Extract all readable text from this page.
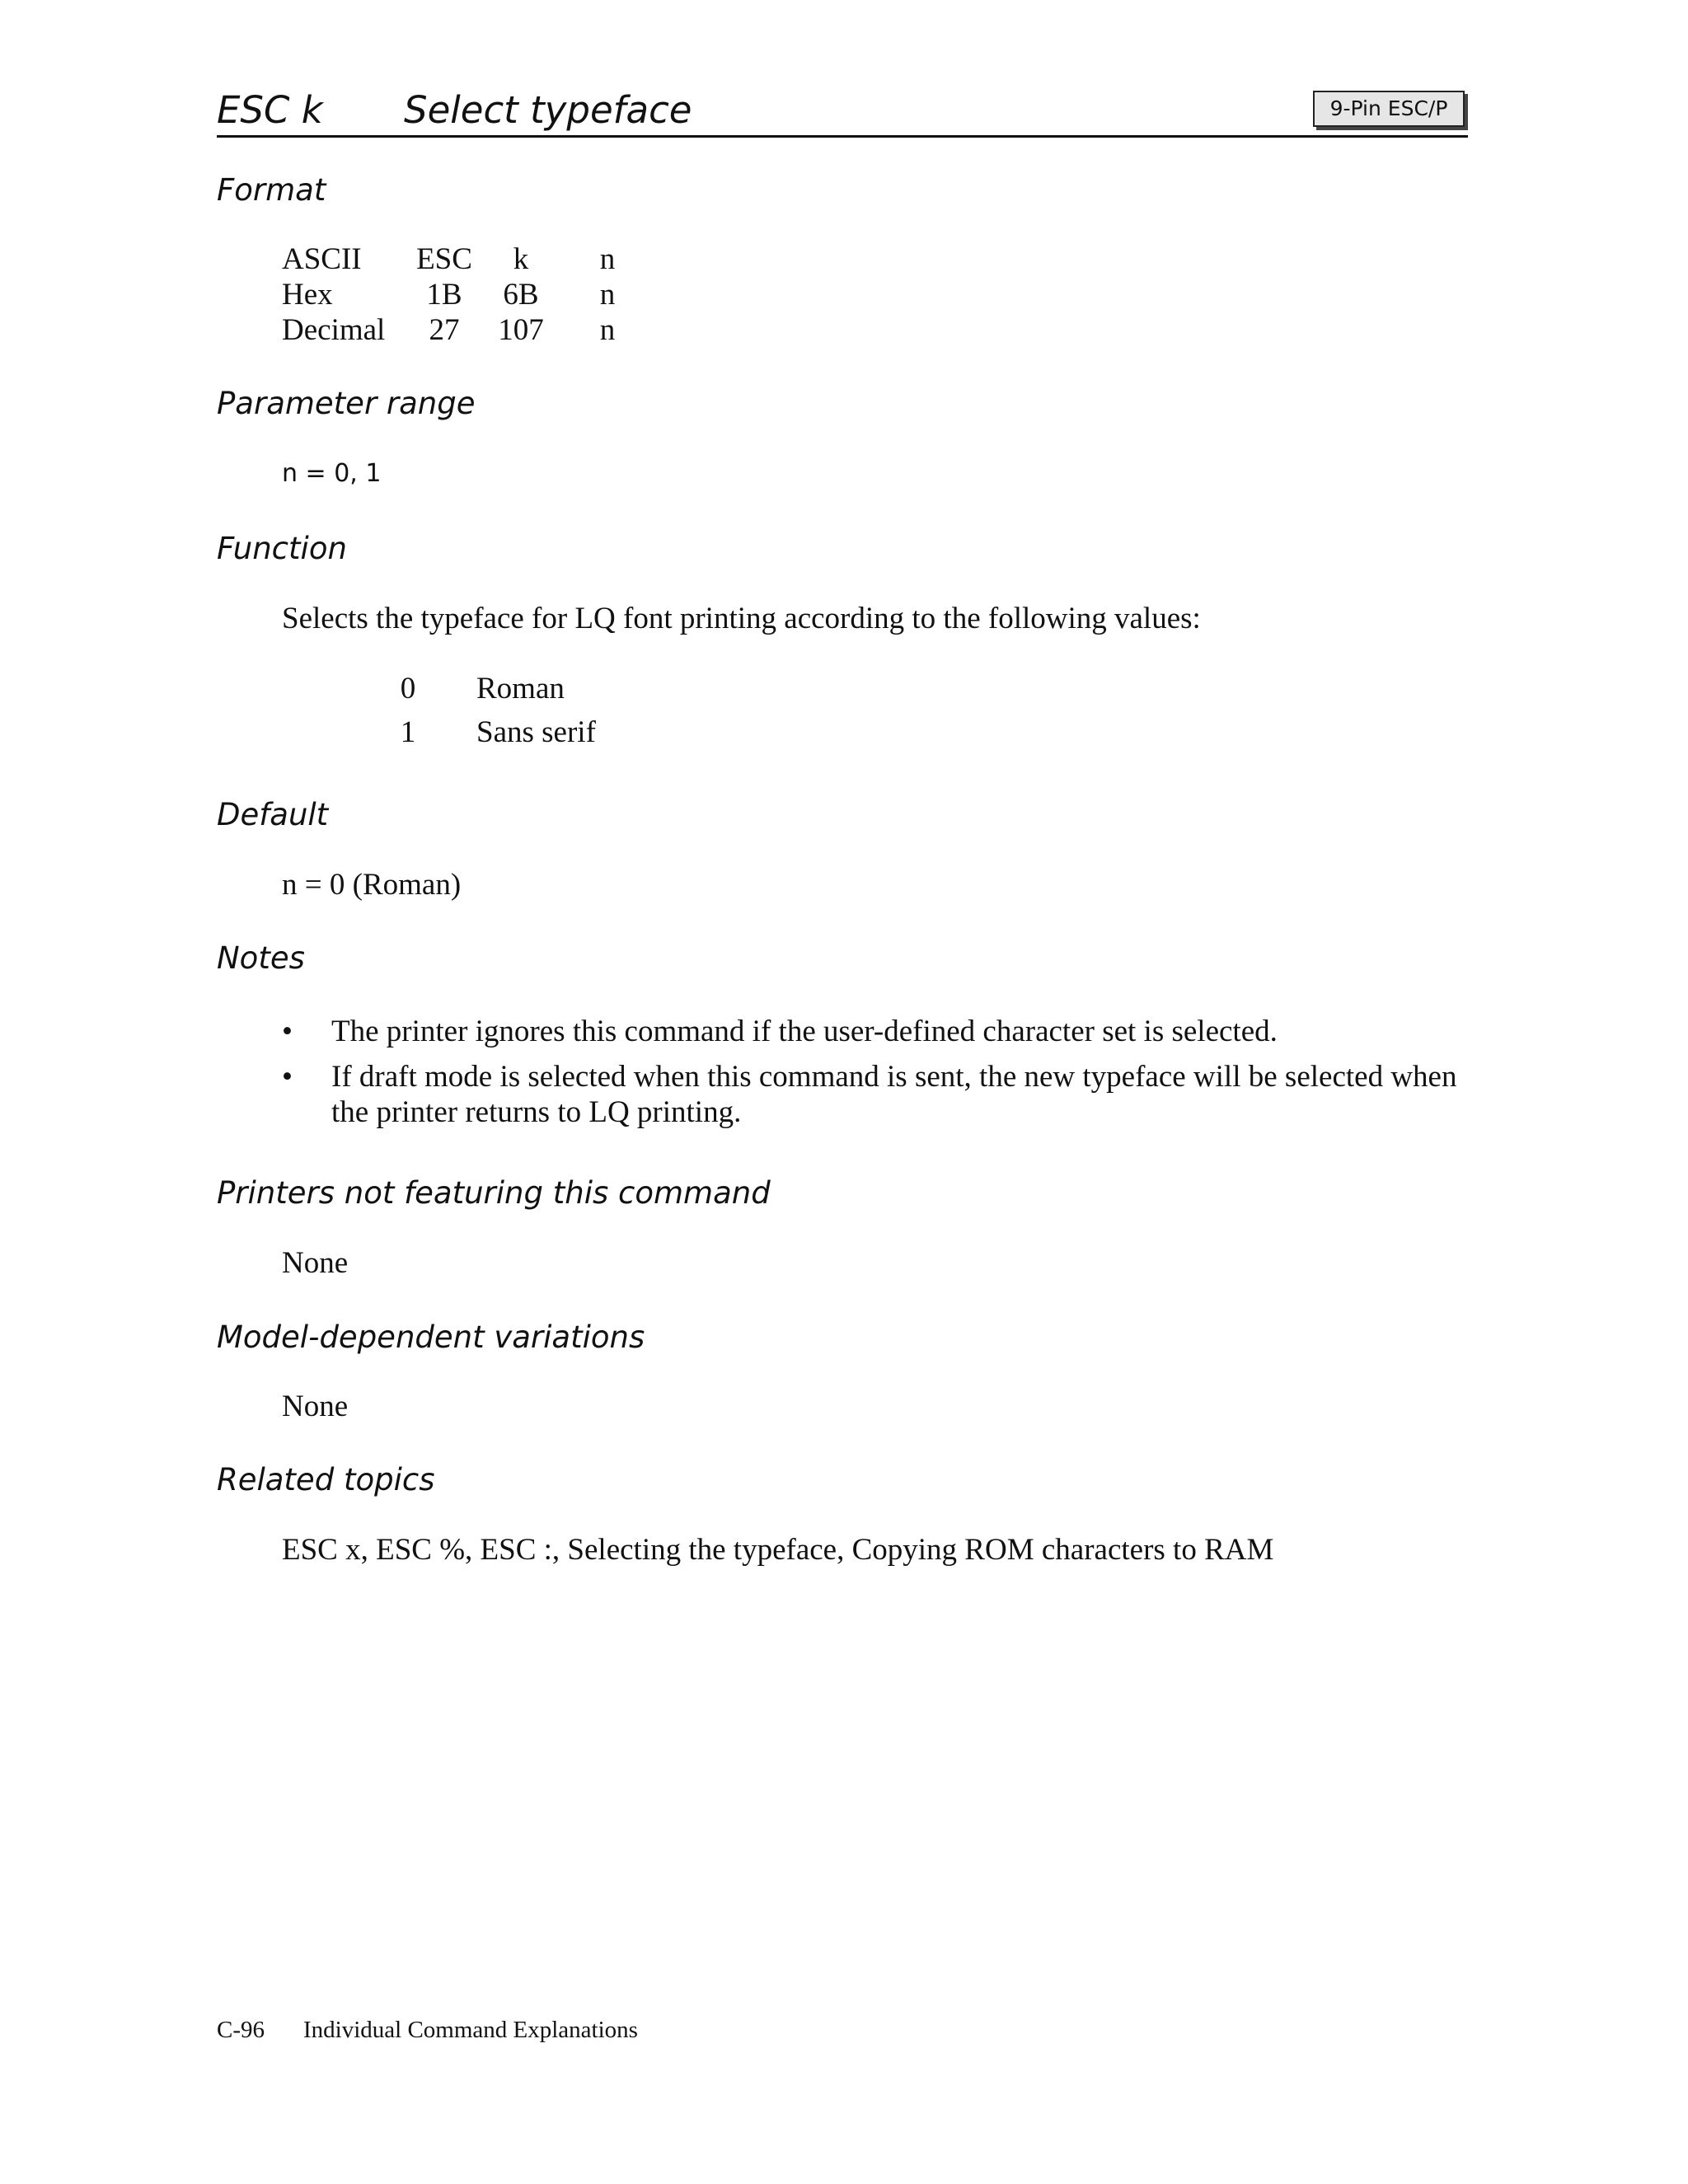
ESC k Select typeface	9-Pin ESC/P
Format
ASCII ESC	k	n
Hex	1B	6B	n
Decimal	27	107	n
Parameter range
n = 0, 1
Function
Selects the typeface for LQ font printing according to the following values:
0 Roman
1 Sans serif
Default
n = 0 (Roman)
Notes
• The printer ignores this command if the user-defined character set is selected.
• If draft mode is selected when this command is sent, the new typeface will be selected when the printer returns to LQ printing.
Printers not featuring this command
None
Model-dependent variations
None
Related topics
ESC x, ESC %, ESC :, Selecting the typeface, Copying ROM characters to RAM
C-96 Individual Command Explanations
